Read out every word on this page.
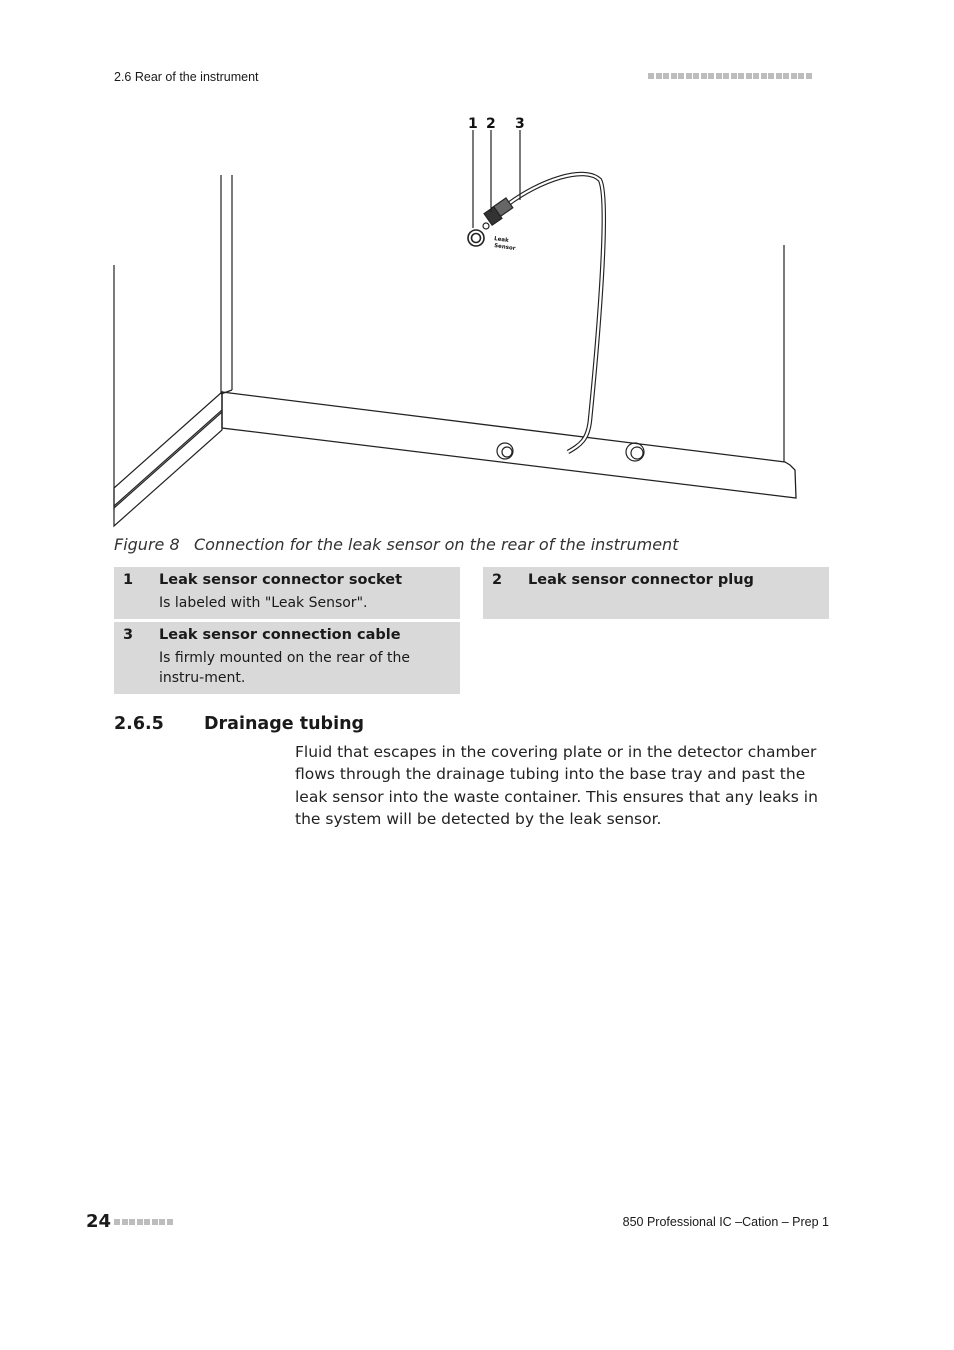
2.6 Rear of the instrument
1 2 3
Leak
Sensor
Figure 8 Connection for the leak sensor on the rear of the instrument
1 Leak sensor connector socket
Is labeled with "Leak Sensor".
2 Leak sensor connector plug
3 Leak sensor connection cable
Is firmly mounted on the rear of the instru-ment.
2.6.5 Drainage tubing
Fluid that escapes in the covering plate or in the detector chamber flows through the drainage tubing into the base tray and past the leak sensor into the waste container. This ensures that any leaks in the system will be detected by the leak sensor.
24	850 Professional IC –Cation – Prep 1
